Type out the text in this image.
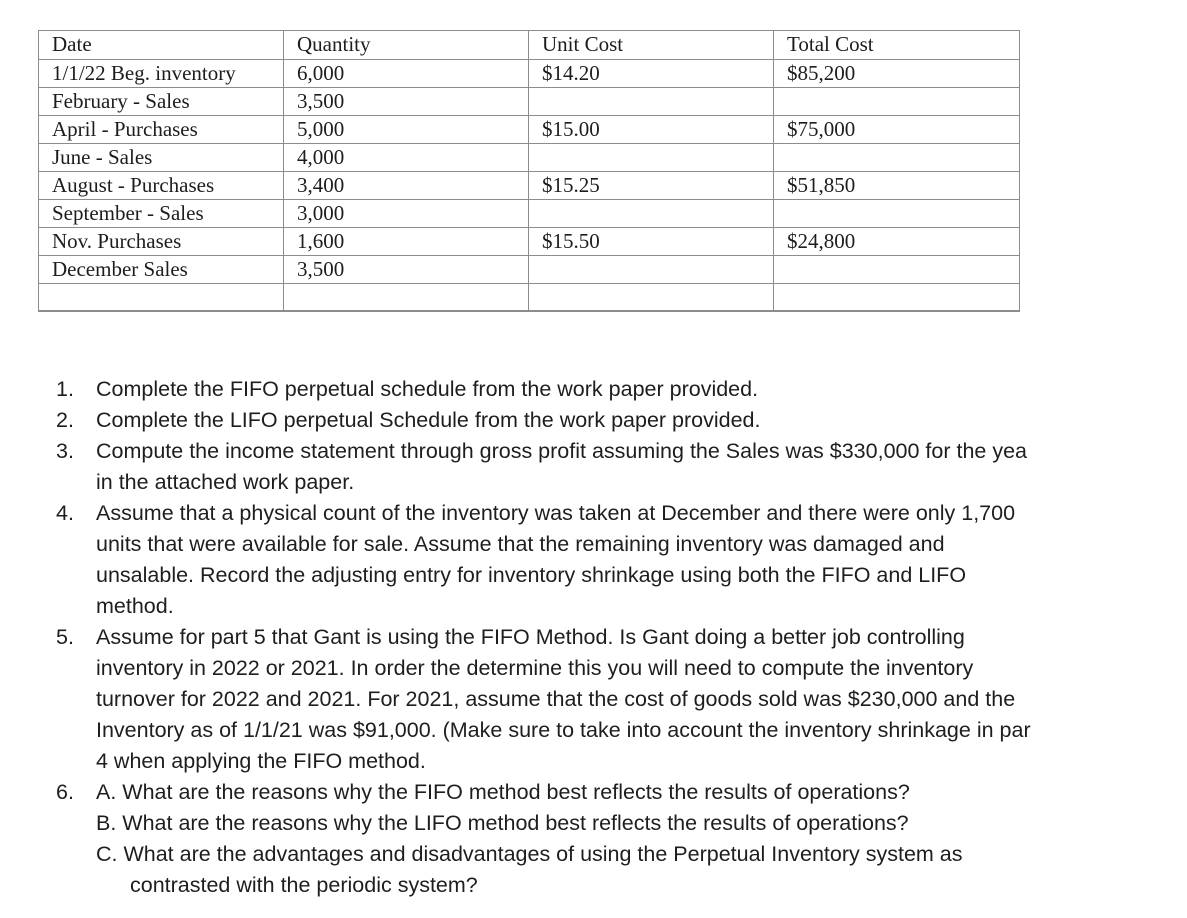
Date	Quantity	Unit Cost	Total Cost
1/1/22 Beg. inventory	6,000	$14.20	$85,200
February - Sales	3,500		
April - Purchases	5,000	$15.00	$75,000
June - Sales	4,000		
August - Purchases	3,400	$15.25	$51,850
September - Sales	3,000		
Nov. Purchases	1,600	$15.50	$24,800
December Sales	3,500		

1. Complete the FIFO perpetual schedule from the work paper provided.
2. Complete the LIFO perpetual Schedule from the work paper provided.
3. Compute the income statement through gross profit assuming the Sales was $330,000 for the yea
in the attached work paper.
4. Assume that a physical count of the inventory was taken at December and there were only 1,700
units that were available for sale. Assume that the remaining inventory was damaged and
unsalable. Record the adjusting entry for inventory shrinkage using both the FIFO and LIFO
method.
5. Assume for part 5 that Gant is using the FIFO Method. Is Gant doing a better job controlling
inventory in 2022 or 2021. In order the determine this you will need to compute the inventory
turnover for 2022 and 2021. For 2021, assume that the cost of goods sold was $230,000 and the
Inventory as of 1/1/21 was $91,000. (Make sure to take into account the inventory shrinkage in par
4 when applying the FIFO method.
6. A. What are the reasons why the FIFO method best reflects the results of operations?
B. What are the reasons why the LIFO method best reflects the results of operations?
C. What are the advantages and disadvantages of using the Perpetual Inventory system as
contrasted with the periodic system?
